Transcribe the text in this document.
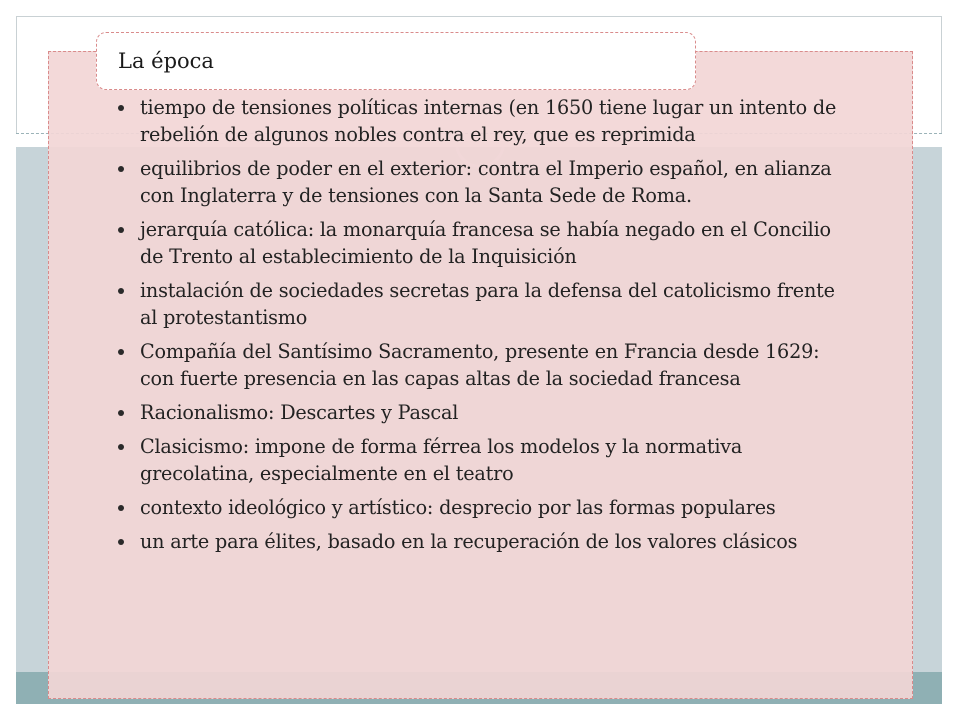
La época
tiempo de tensiones políticas internas (en 1650 tiene lugar un intento de rebelión de algunos nobles contra el rey, que es reprimida
equilibrios de poder en el exterior: contra el Imperio español, en alianza con Inglaterra y de tensiones con la Santa Sede de Roma.
jerarquía católica: la monarquía francesa se había negado en el Concilio de Trento al establecimiento de la Inquisición
instalación de sociedades secretas para la defensa del catolicismo frente al protestantismo
Compañía del Santísimo Sacramento, presente en Francia desde 1629: con fuerte presencia en las capas altas de la sociedad francesa
Racionalismo: Descartes y Pascal
Clasicismo: impone de forma férrea los modelos y la normativa grecolatina, especialmente en el teatro
contexto ideológico y artístico: desprecio por las formas populares
un arte para élites, basado en la recuperación de los valores clásicos
